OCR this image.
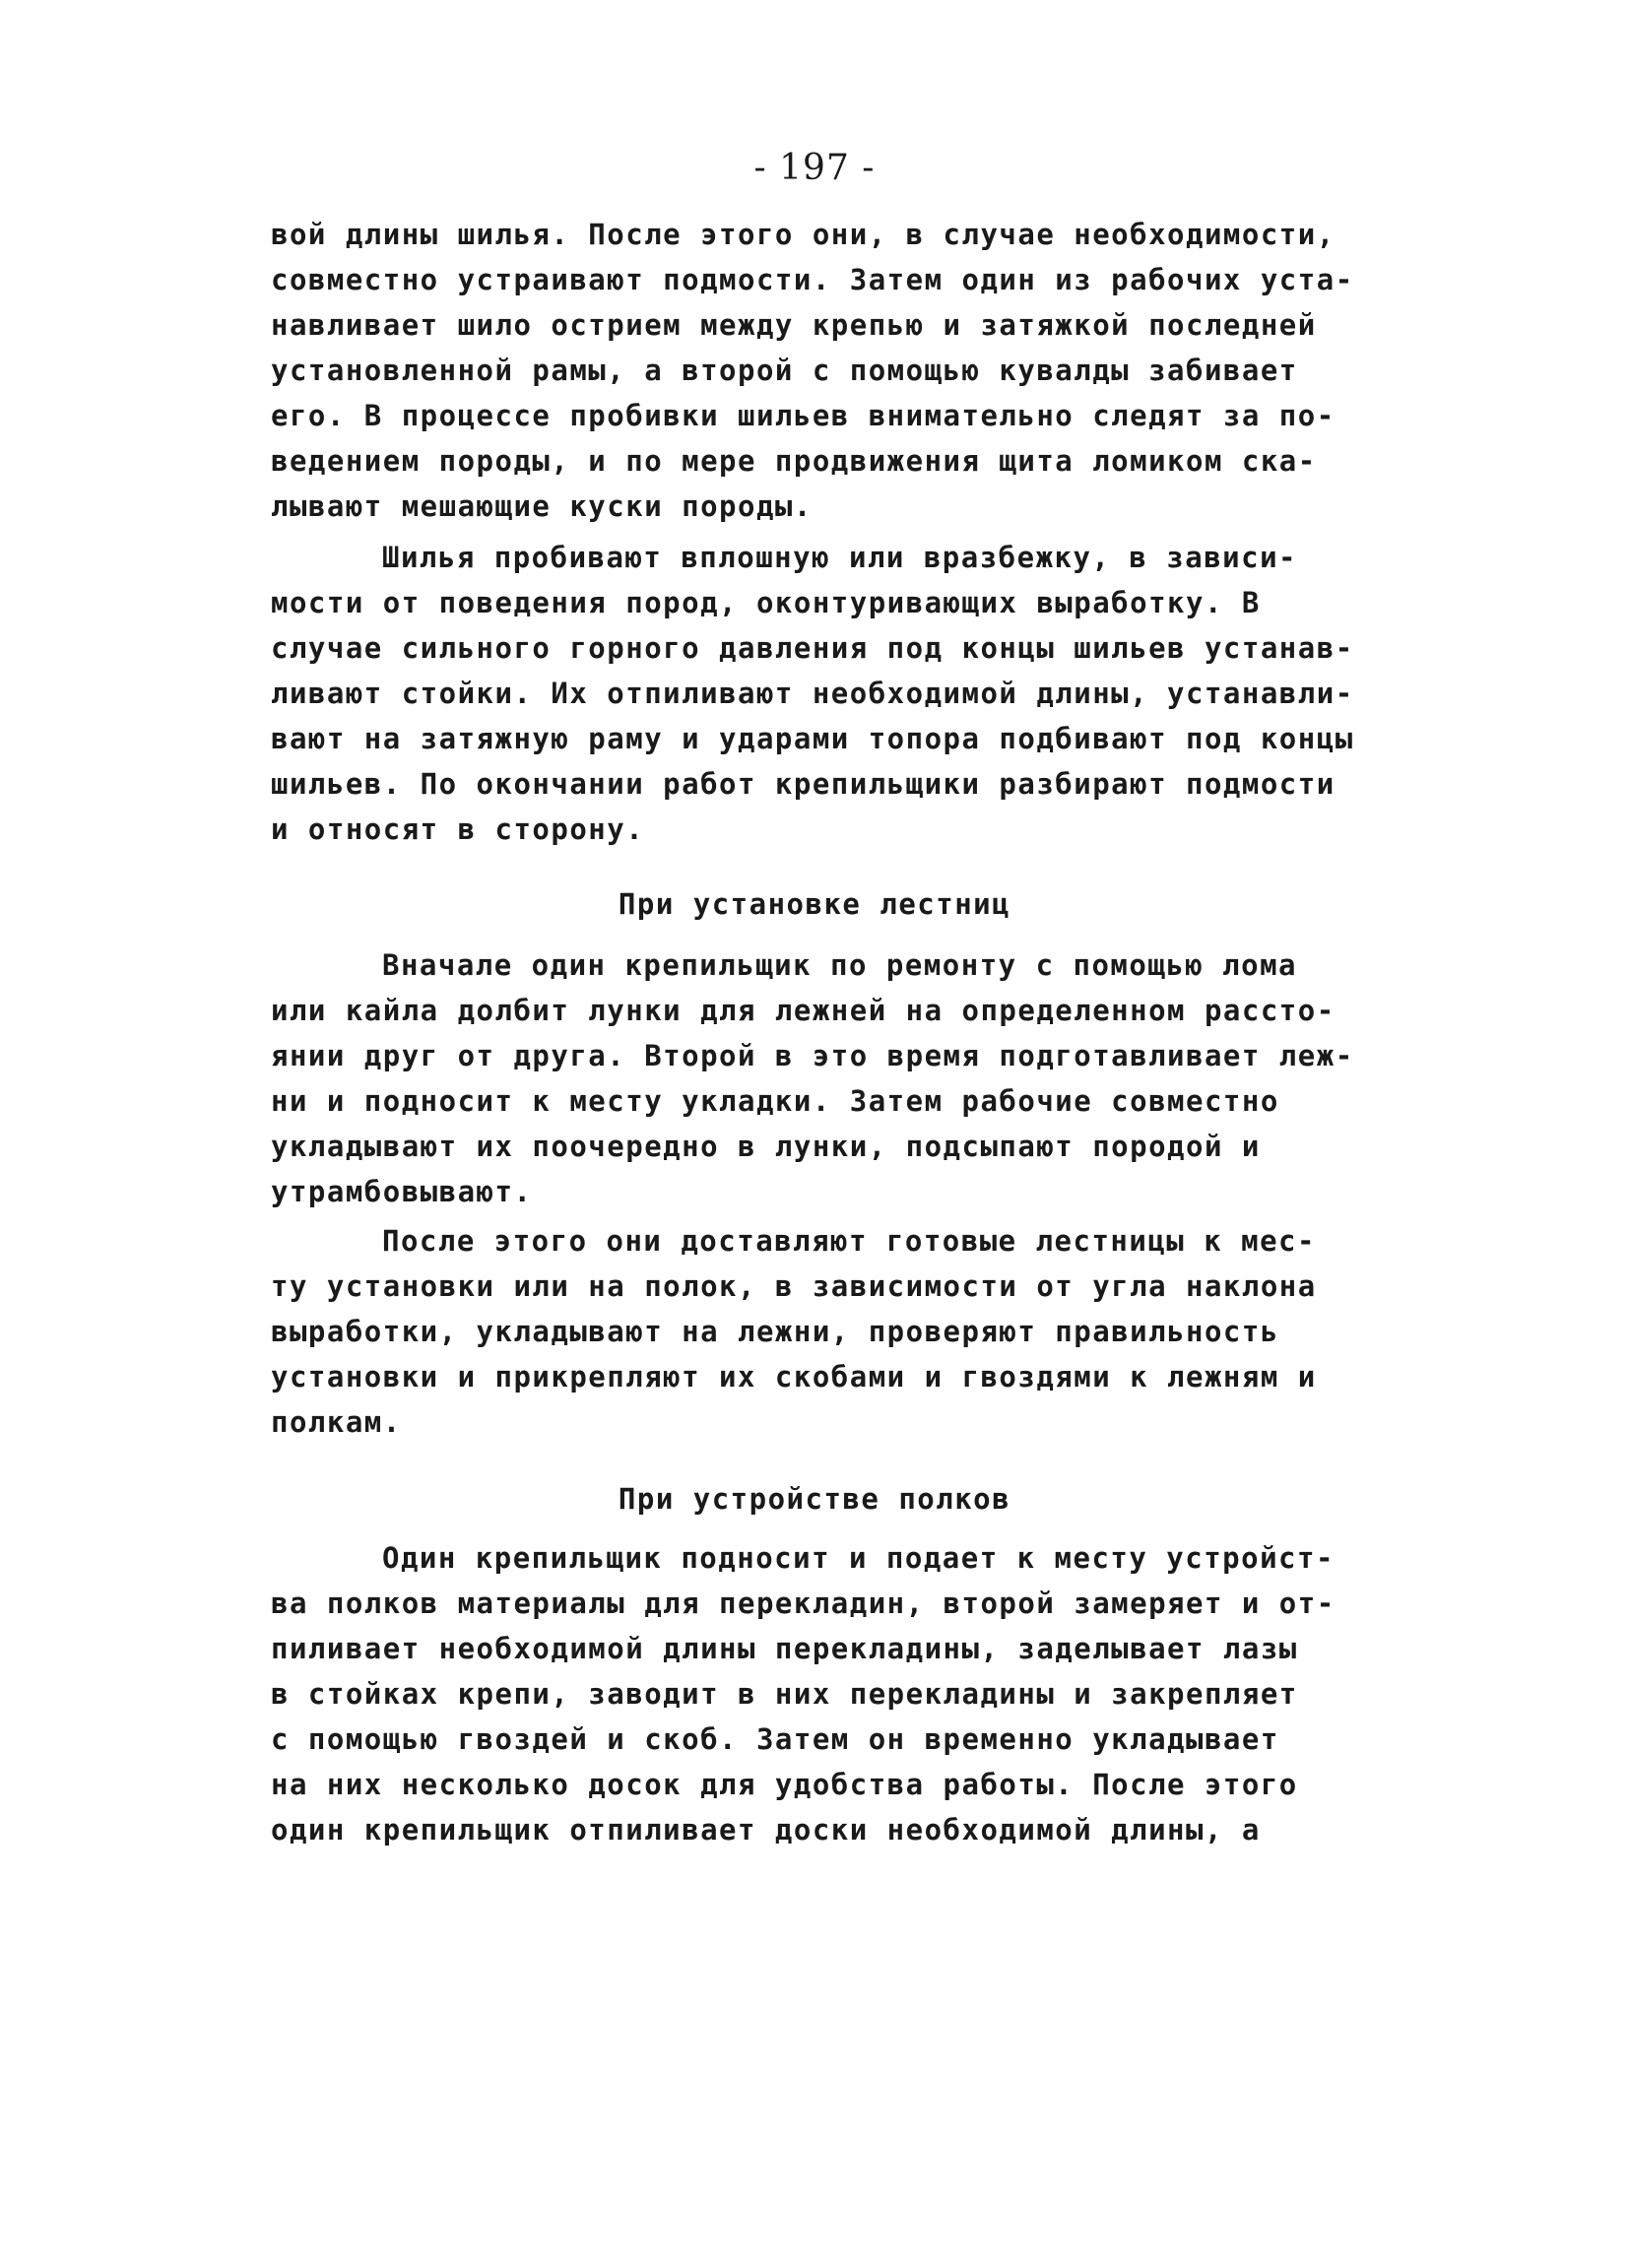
- 197 -
вой длины шилья. После этого они, в случае необходимости,
совместно устраивают подмости. Затем один из рабочих уста-
навливает шило острием между крепью и затяжкой последней
установленной рамы, а второй с помощью кувалды забивает
его. В процессе пробивки шильев внимательно следят за по-
ведением породы, и по мере продвижения щита ломиком ска-
лывают мешающие куски породы.
Шилья пробивают вплошную или вразбежку, в зависи-
мости от поведения пород, оконтуривающих выработку. В
случае сильного горного давления под концы шильев устанав-
ливают стойки. Их отпиливают необходимой длины, устанавли-
вают на затяжную раму и ударами топора подбивают под концы
шильев. По окончании работ крепильщики разбирают подмости
и относят в сторону.
При установке лестниц
Вначале один крепильщик по ремонту с помощью лома
или кайла долбит лунки для лежней на определенном рассто-
янии друг от друга. Второй в это время подготавливает леж-
ни и подносит к месту укладки. Затем рабочие совместно
укладывают их поочередно в лунки, подсыпают породой и
утрамбовывают.
После этого они доставляют готовые лестницы к мес-
ту установки или на полок, в зависимости от угла наклона
выработки, укладывают на лежни, проверяют правильность
установки и прикрепляют их скобами и гвоздями к лежням и
полкам.
При устройстве полков
Один крепильщик подносит и подает к месту устройст-
ва полков материалы для перекладин, второй замеряет и от-
пиливает необходимой длины перекладины, заделывает лазы
в стойках крепи, заводит в них перекладины и закрепляет
с помощью гвоздей и скоб. Затем он временно укладывает
на них несколько досок для удобства работы. После этого
один крепильщик отпиливает доски необходимой длины, а
